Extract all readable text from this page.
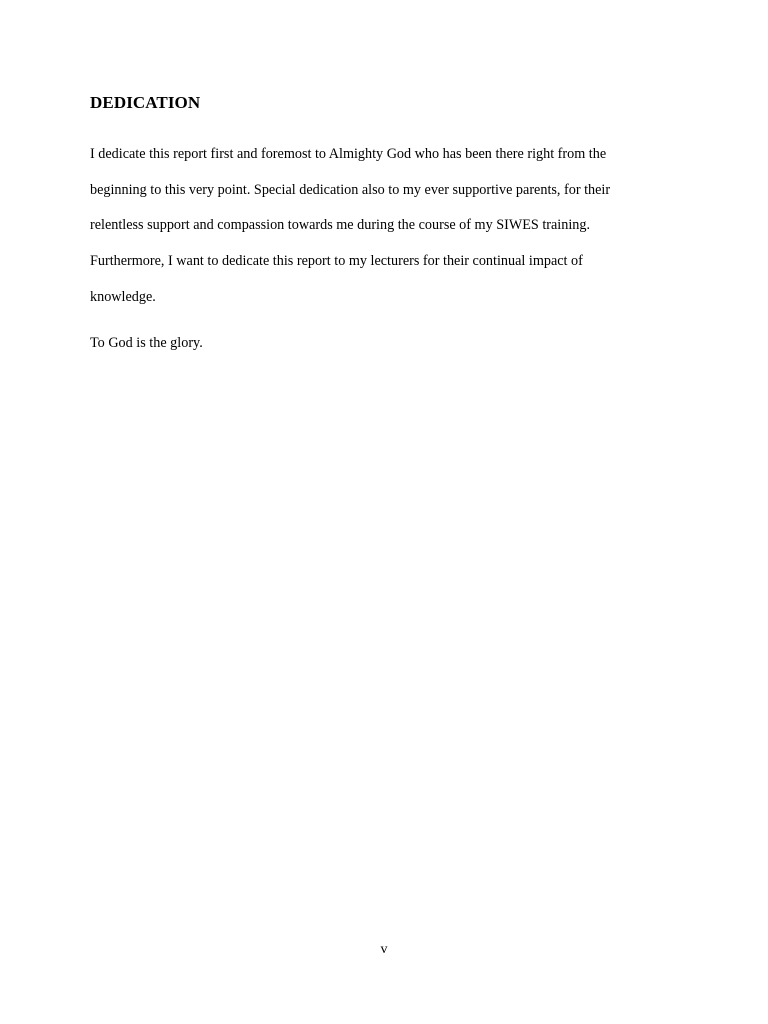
DEDICATION

I dedicate this report first and foremost to Almighty God who has been there right from the

beginning to this very point. Special dedication also to my ever supportive parents, for their

relentless support and compassion towards me during the course of my SIWES training.

Furthermore, I want to dedicate this report to my lecturers for their continual impact of

knowledge.

To God is the glory.

v
